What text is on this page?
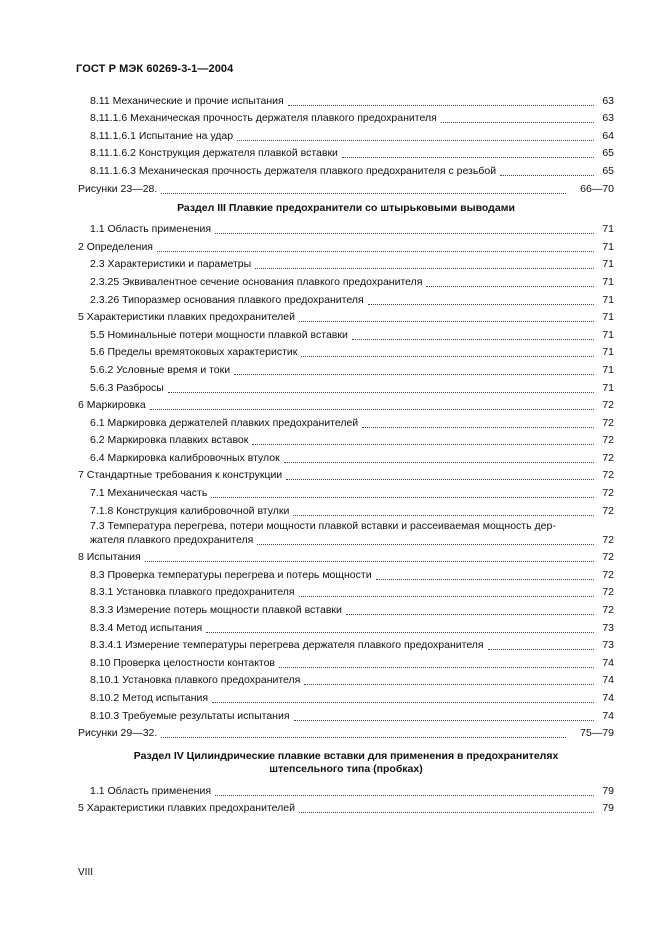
ГОСТ Р МЭК 60269-3-1—2004
8.11 Механические и прочие испытания	63
8.11.1.6 Механическая прочность держателя плавкого предохранителя	63
8.11.1.6.1 Испытание на удар	64
8.11.1.6.2 Конструкция держателя плавкой вставки	65
8.11.1.6.3 Механическая прочность держателя плавкого предохранителя с резьбой	65
Рисунки 23—28.	66—70
Раздел III Плавкие предохранители со штырьковыми выводами
1.1 Область применения	71
2 Определения	71
2.3 Характеристики и параметры	71
2.3.25 Эквивалентное сечение основания плавкого предохранителя	71
2.3.26 Типоразмер основания плавкого предохранителя	71
5 Характеристики плавких предохранителей	71
5.5 Номинальные потери мощности плавкой вставки	71
5.6 Пределы времятоковых характеристик	71
5.6.2 Условные время и токи	71
5.6.3 Разбросы	71
6 Маркировка	72
6.1 Маркировка держателей плавких предохранителей	72
6.2 Маркировка плавких вставок	72
6.4 Маркировка калибровочных втулок	72
7 Стандартные требования к конструкции	72
7.1 Механическая часть	72
7.1.8 Конструкция калибровочной втулки	72
7.3 Температура перегрева, потери мощности плавкой вставки и рассеиваемая мощность дер-
жателя плавкого предохранителя	72
8 Испытания	72
8.3 Проверка температуры перегрева и потерь мощности	72
8.3.1 Установка плавкого предохранителя	72
8.3.3 Измерение потерь мощности плавкой вставки	72
8.3.4 Метод испытания	73
8.3.4.1 Измерение температуры перегрева держателя плавкого предохранителя	73
8.10 Проверка целостности контактов	74
8.10.1 Установка плавкого предохранителя	74
8.10.2 Метод испытания	74
8.10.3 Требуемые результаты испытания	74
Рисунки 29—32.	75—79
Раздел IV Цилиндрические плавкие вставки для применения в предохранителях
штепсельного типа (пробках)
1.1 Область применения	79
5 Характеристики плавких предохранителей	79
VIII
